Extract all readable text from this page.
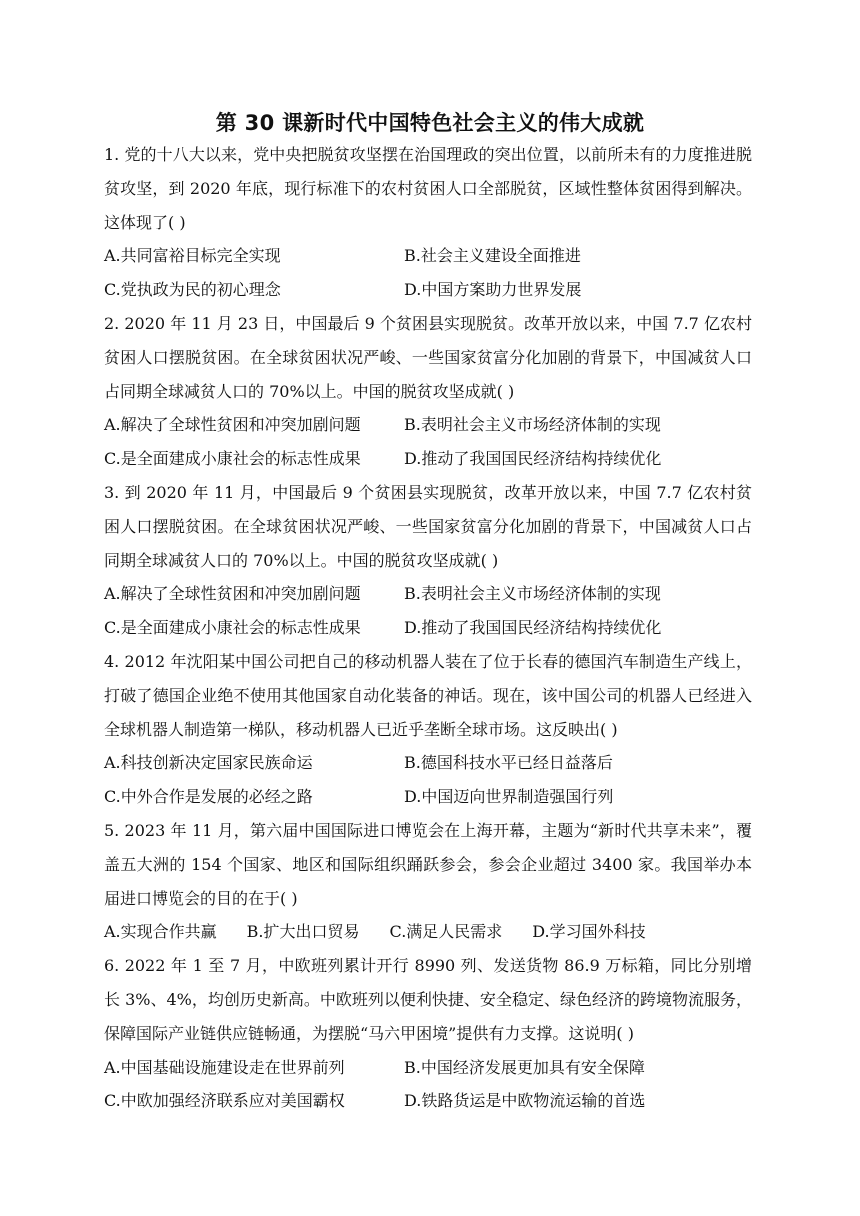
第 30 课新时代中国特色社会主义的伟大成就

1. 党的十八大以来，党中央把脱贫攻坚摆在治国理政的突出位置，以前所未有的力度推进脱贫攻坚，到 2020 年底，现行标准下的农村贫困人口全部脱贫，区域性整体贫困得到解决。这体现了( )

A.共同富裕目标完全实现	B.社会主义建设全面推进
C.党执政为民的初心理念	D.中国方案助力世界发展

2. 2020 年 11 月 23 日，中国最后 9 个贫困县实现脱贫。改革开放以来，中国 7.7 亿农村贫困人口摆脱贫困。在全球贫困状况严峻、一些国家贫富分化加剧的背景下，中国减贫人口占同期全球减贫人口的 70%以上。中国的脱贫攻坚成就( )

A.解决了全球性贫困和冲突加剧问题	B.表明社会主义市场经济体制的实现
C.是全面建成小康社会的标志性成果	D.推动了我国国民经济结构持续优化

3. 到 2020 年 11 月，中国最后 9 个贫困县实现脱贫，改革开放以来，中国 7.7 亿农村贫困人口摆脱贫困。在全球贫困状况严峻、一些国家贫富分化加剧的背景下，中国减贫人口占同期全球减贫人口的 70%以上。中国的脱贫攻坚成就( )

A.解决了全球性贫困和冲突加剧问题	B.表明社会主义市场经济体制的实现
C.是全面建成小康社会的标志性成果	D.推动了我国国民经济结构持续优化

4. 2012 年沈阳某中国公司把自己的移动机器人装在了位于长春的德国汽车制造生产线上，打破了德国企业绝不使用其他国家自动化装备的神话。现在，该中国公司的机器人已经进入全球机器人制造第一梯队，移动机器人已近乎垄断全球市场。这反映出( )

A.科技创新决定国家民族命运	B.德国科技水平已经日益落后
C.中外合作是发展的必经之路	D.中国迈向世界制造强国行列

5. 2023 年 11 月，第六届中国国际进口博览会在上海开幕，主题为“新时代共享未来”，覆盖五大洲的 154 个国家、地区和国际组织踊跃参会，参会企业超过 3400 家。我国举办本届进口博览会的目的在于( )

A.实现合作共赢	B.扩大出口贸易	C.满足人民需求	D.学习国外科技

6. 2022 年 1 至 7 月，中欧班列累计开行 8990 列、发送货物 86.9 万标箱，同比分别增长 3%、4%，均创历史新高。中欧班列以便利快捷、安全稳定、绿色经济的跨境物流服务，保障国际产业链供应链畅通，为摆脱“马六甲困境”提供有力支撑。这说明( )

A.中国基础设施建设走在世界前列	B.中国经济发展更加具有安全保障
C.中欧加强经济联系应对美国霸权	D.铁路货运是中欧物流运输的首选
